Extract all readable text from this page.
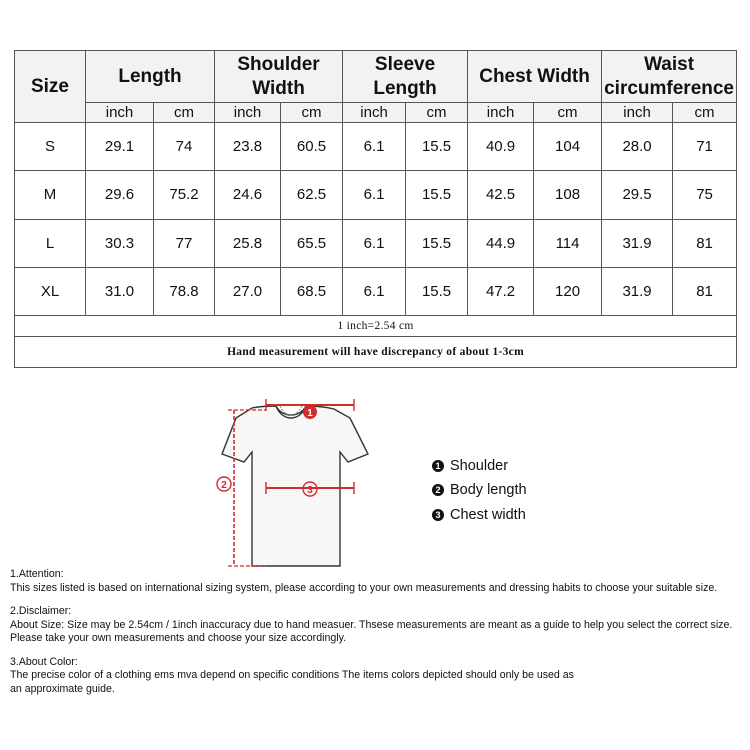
Size	Length		Shoulder Width		Sleeve Length		Chest Width		Waist circumference	
	inch	cm	inch	cm	inch	cm	inch	cm	inch	cm
S	29.1	74	23.8	60.5	6.1	15.5	40.9	104	28.0	71
M	29.6	75.2	24.6	62.5	6.1	15.5	42.5	108	29.5	75
L	30.3	77	25.8	65.5	6.1	15.5	44.9	114	31.9	81
XL	31.0	78.8	27.0	68.5	6.1	15.5	47.2	120	31.9	81
1 inch=2.54 cm										
Hand measurement will have discrepancy of about 1-3cm										
1
2	3
1 Shoulder
2 Body length
3 Chest width

1.Attention:

This sizes listed is based on international sizing system, please according to your own measurements and dressing habits to choose your suitable size.

2.Disclaimer:

About Size: Size may be 2.54cm / 1inch inaccuracy due to hand measuer. Thsese measurements are meant as a guide to help you select the correct size.

Please take your own measurements and choose your size accordingly.

3.About Color:

The precise color of a clothing ems mva depend on specific conditions The items colors depicted should only be used as

an approximate guide.
